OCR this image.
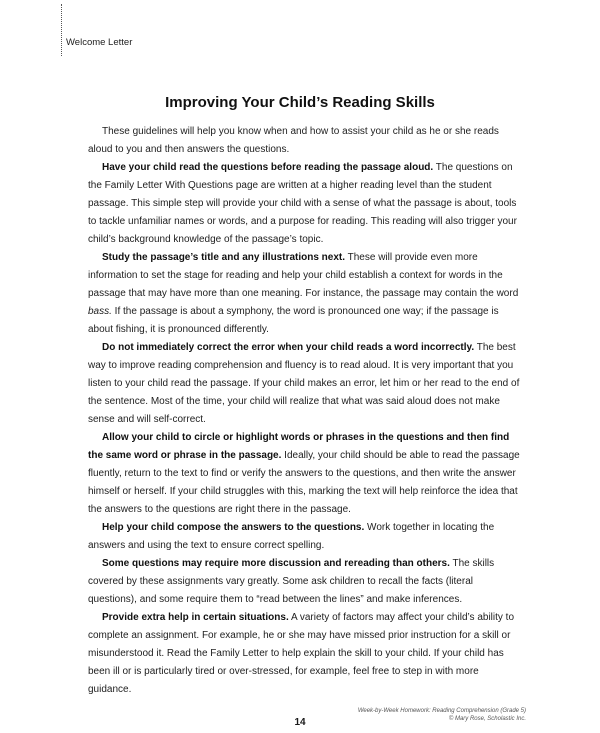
Welcome Letter
Improving Your Child’s Reading Skills

These guidelines will help you know when and how to assist your child as he or she reads aloud to you and then answers the questions.

Have your child read the questions before reading the passage aloud. The questions on the Family Letter With Questions page are written at a higher reading level than the student passage. This simple step will provide your child with a sense of what the passage is about, tools to tackle unfamiliar names or words, and a purpose for reading. This reading will also trigger your child’s background knowledge of the passage’s topic.

Study the passage’s title and any illustrations next. These will provide even more information to set the stage for reading and help your child establish a context for words in the passage that may have more than one meaning. For instance, the passage may contain the word bass. If the passage is about a symphony, the word is pronounced one way; if the passage is about fishing, it is pronounced differently.

Do not immediately correct the error when your child reads a word incorrectly. The best way to improve reading comprehension and fluency is to read aloud. It is very important that you listen to your child read the passage. If your child makes an error, let him or her read to the end of the sentence. Most of the time, your child will realize that what was said aloud does not make sense and will self-correct.

Allow your child to circle or highlight words or phrases in the questions and then find the same word or phrase in the passage. Ideally, your child should be able to read the passage fluently, return to the text to find or verify the answers to the questions, and then write the answer himself or herself. If your child struggles with this, marking the text will help reinforce the idea that the answers to the questions are right there in the passage.

Help your child compose the answers to the questions. Work together in locating the answers and using the text to ensure correct spelling.

Some questions may require more discussion and rereading than others. The skills covered by these assignments vary greatly. Some ask children to recall the facts (literal questions), and some require them to “read between the lines” and make inferences.

Provide extra help in certain situations. A variety of factors may affect your child’s ability to complete an assignment. For example, he or she may have missed prior instruction for a skill or misunderstood it. Read the Family Letter to help explain the skill to your child. If your child has been ill or is particularly tired or over-stressed, for example, feel free to step in with more guidance.

14
Week-by-Week Homework: Reading Comprehension (Grade 5)
© Mary Rose, Scholastic Inc.
